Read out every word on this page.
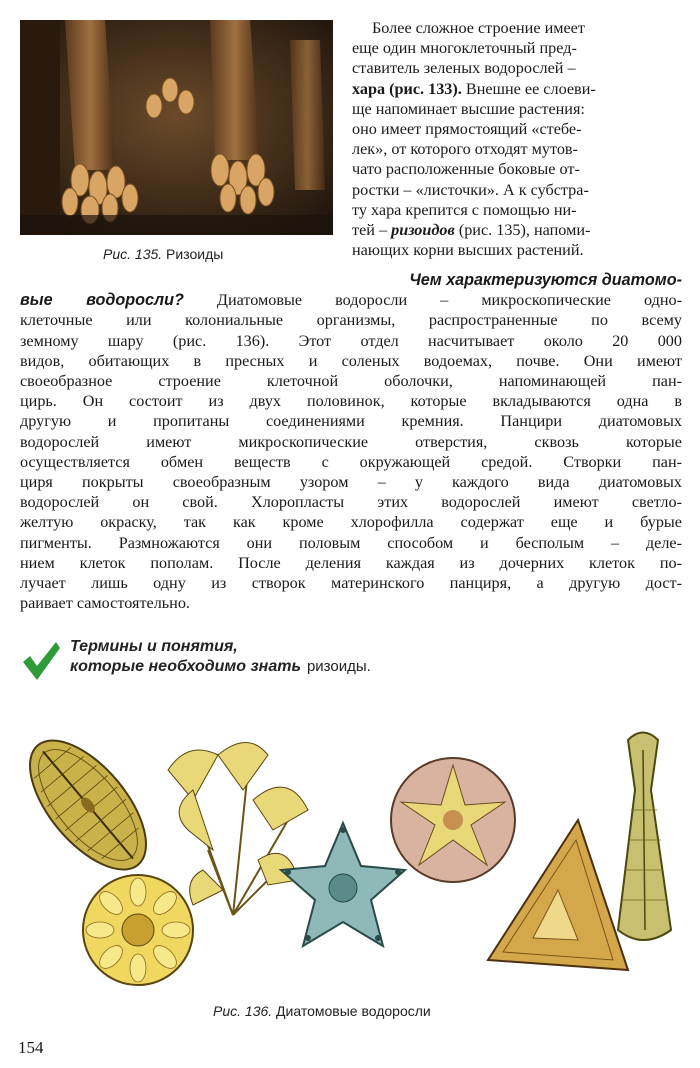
Рис. 135. Ризоиды
Более сложное строение имеет
еще один многоклеточный пред-
ставитель зеленых водорослей –
хара (рис. 133). Внешне ее слоеви-
ще напоминает высшие растения:
оно имеет прямостоящий «стебе-
лек», от которого отходят мутов-
чато расположенные боковые от-
ростки – «листочки». А к субстра-
ту хара крепится с помощью ни-
тей – ризоидов (рис. 135), напоми-
нающих корни высших растений.
Чем характеризуются диатомо-
вые водоросли? Диатомовые водоросли – микроскопические одно-
клеточные или колониальные организмы, распространенные по всему
земному шару (рис. 136). Этот отдел насчитывает около 20 000
видов, обитающих в пресных и соленых водоемах, почве. Они имеют
своеобразное строение клеточной оболочки, напоминающей пан-
цирь. Он состоит из двух половинок, которые вкладываются одна в
другую и пропитаны соединениями кремния. Панцири диатомовых
водорослей имеют микроскопические отверстия, сквозь которые
осуществляется обмен веществ с окружающей средой. Створки пан-
циря покрыты своеобразным узором – у каждого вида диатомовых
водорослей он свой. Хлоропласты этих водорослей имеют светло-
желтую окраску, так как кроме хлорофилла содержат еще и бурые
пигменты. Размножаются они половым способом и бесполым – деле-
нием клеток пополам. После деления каждая из дочерних клеток по-
лучает лишь одну из створок материнского панциря, а другую дост-
раивает самостоятельно.
Термины и понятия,
которые необходимо знать ризоиды.
Рис. 136. Диатомовые водоросли
154
